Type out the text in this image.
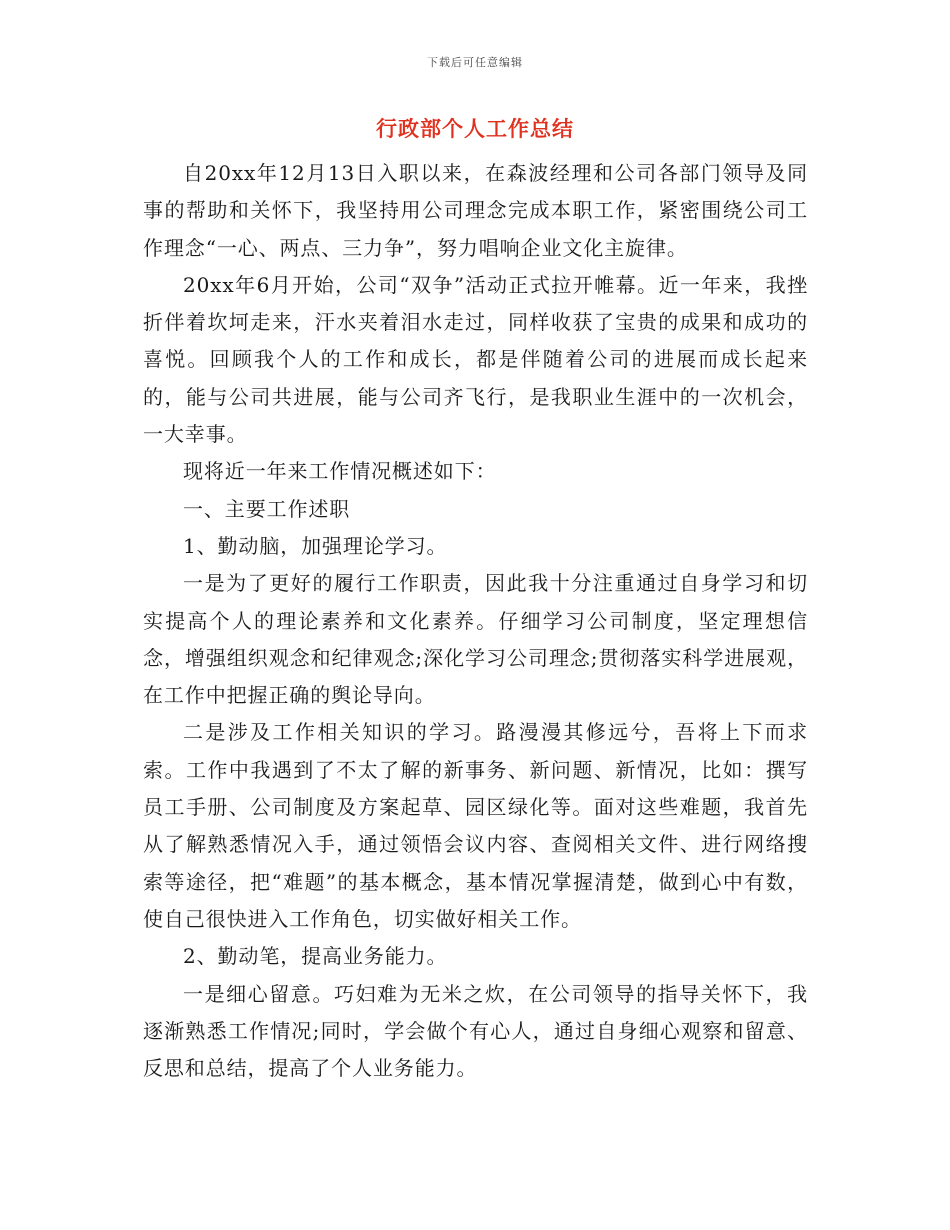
下载后可任意编辑
行政部个人工作总结

自20xx年12月13日入职以来，在森波经理和公司各部门领导及同事的帮助和关怀下，我坚持用公司理念完成本职工作，紧密围绕公司工作理念“一心、两点、三力争”，努力唱响企业文化主旋律。

20xx年6月开始，公司“双争”活动正式拉开帷幕。近一年来，我挫折伴着坎坷走来，汗水夹着泪水走过，同样收获了宝贵的成果和成功的喜悦。回顾我个人的工作和成长，都是伴随着公司的进展而成长起来的，能与公司共进展，能与公司齐飞行，是我职业生涯中的一次机会，一大幸事。

现将近一年来工作情况概述如下：

一、主要工作述职

1、勤动脑，加强理论学习。

一是为了更好的履行工作职责，因此我十分注重通过自身学习和切实提高个人的理论素养和文化素养。仔细学习公司制度，坚定理想信念，增强组织观念和纪律观念;深化学习公司理念;贯彻落实科学进展观，在工作中把握正确的舆论导向。

二是涉及工作相关知识的学习。路漫漫其修远兮，吾将上下而求索。工作中我遇到了不太了解的新事务、新问题、新情况，比如：撰写员工手册、公司制度及方案起草、园区绿化等。面对这些难题，我首先从了解熟悉情况入手，通过领悟会议内容、查阅相关文件、进行网络搜索等途径，把“难题”的基本概念，基本情况掌握清楚，做到心中有数，使自己很快进入工作角色，切实做好相关工作。

2、勤动笔，提高业务能力。

一是细心留意。巧妇难为无米之炊，在公司领导的指导关怀下，我逐渐熟悉工作情况;同时，学会做个有心人，通过自身细心观察和留意、反思和总结，提高了个人业务能力。
